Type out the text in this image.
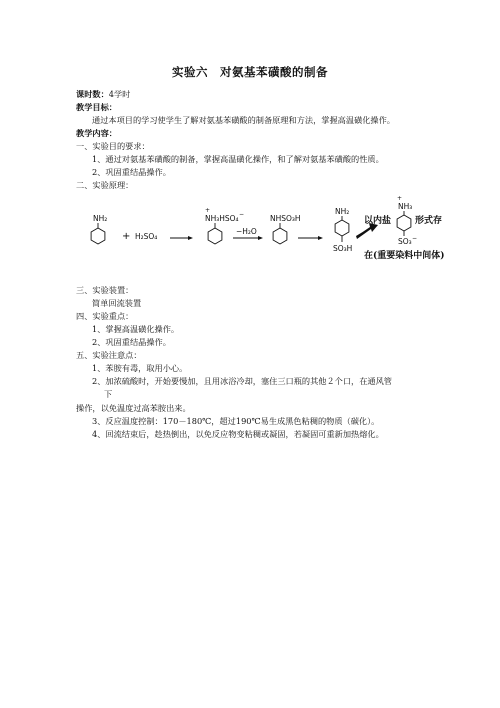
实验六　对氨基苯磺酸的制备
课时数：4学时
教学目标：
通过本项目的学习使学生了解对氨基苯磺酸的制备原理和方法，掌握高温磺化操作。
教学内容：
一、实验目的要求：
1、通过对氨基苯磺酸的制备，掌握高温磺化操作，和了解对氨基苯磺酸的性质。
2、巩固重结晶操作。
二、实验原理：
NH₂
+ H₂SO₄
+
NH₃HSO₄ −
−H₂O
NHSO₃H
NH₂
SO₃H
+
NH₃
SO₃ −
以内盐	形式存
在(重要染料中间体)
三、实验装置：
简单回流装置
四、实验重点：
1、掌握高温磺化操作。
2、巩固重结晶操作。
五、实验注意点：
1、苯胺有毒，取用小心。
2、加浓硫酸时，开始要慢加，且用冰浴冷却，塞住三口瓶的其他２个口，在通风管
下
操作，以免温度过高苯胺出来。
3、反应温度控制：170－180℃，超过190℃易生成黑色粘稠的物质（碳化）。
4、回流结束后，趁热倒出，以免反应物变粘稠或凝固，若凝固可重新加热熔化。
